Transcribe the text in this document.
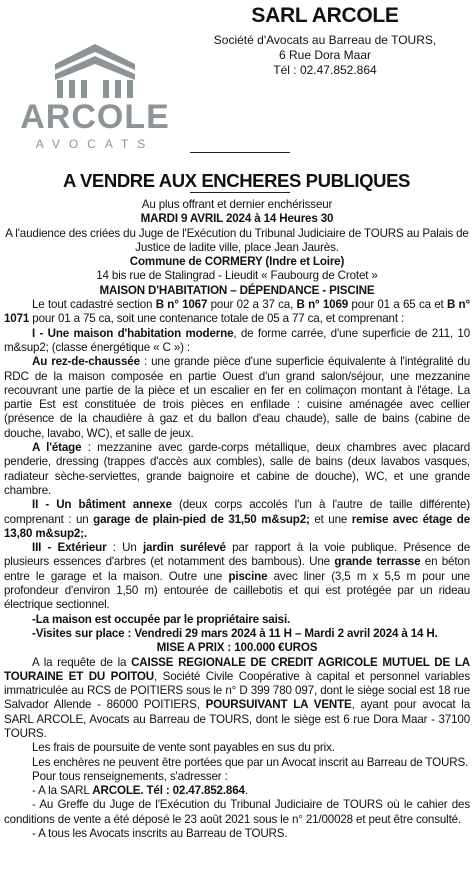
ARCOLE
AVOCATS
SARL ARCOLE
Société d'Avocats au Barreau de TOURS,
6 Rue Dora Maar
Tél : 02.47.852.864
A VENDRE AUX ENCHERES PUBLIQUES

Au plus offrant et dernier enchérisseur

MARDI 9 AVRIL 2024 à 14 Heures 30

A l'audience des criées du Juge de l'Exécution du Tribunal Judiciaire de TOURS au Palais de Justice de ladite ville, place Jean Jaurès.

Commune de CORMERY (Indre et Loire)

14 bis rue de Stalingrad - Lieudit « Faubourg de Crotet »

MAISON D'HABITATION – DÉPENDANCE - PISCINE

Le tout cadastré section B n° 1067 pour 02 a 37 ca, B n° 1069 pour 01 a 65 ca et B n° 1071 pour 01 a 75 ca, soit une contenance totale de 05 a 77 ca, et comprenant :

I - Une maison d'habitation moderne, de forme carrée, d'une superficie de 211, 10 m&sup2; (classe énergétique « C ») :

Au rez-de-chaussée : une grande pièce d'une superficie équivalente à l'intégralité du RDC de la maison composée en partie Ouest d'un grand salon/séjour, une mezzanine recouvrant une partie de la pièce et un escalier en fer en colimaçon montant à l'étage. La partie Est est constituée de trois pièces en enfilade : cuisine aménagée avec cellier (présence de la chaudière à gaz et du ballon d'eau chaude), salle de bains (cabine de douche, lavabo, WC), et salle de jeux.

A l'étage : mezzanine avec garde-corps métallique, deux chambres avec placard penderie, dressing (trappes d'accès aux combles), salle de bains (deux lavabos vasques, radiateur sèche-serviettes, grande baignoire et cabine de douche), WC, et une grande chambre.

II - Un bâtiment annexe (deux corps accolés l'un à l'autre de taille différente) comprenant : un garage de plain-pied de 31,50 m&sup2; et une remise avec étage de 13,80 m&sup2;.

III - Extérieur : Un jardin surélevé par rapport à la voie publique. Présence de plusieurs essences d'arbres (et notamment des bambous). Une grande terrasse en béton entre le garage et la maison. Outre une piscine avec liner (3,5 m x 5,5 m pour une profondeur d'environ 1,50 m) entourée de caillebotis et qui est protégée par un rideau électrique sectionnel.

-La maison est occupée par le propriétaire saisi.

-Visites sur place : Vendredi 29 mars 2024 à 11 H – Mardi 2 avril 2024 à 14 H.

MISE A PRIX : 100.000 €UROS

A la requête de la CAISSE REGIONALE DE CREDIT AGRICOLE MUTUEL DE LA TOURAINE ET DU POITOU, Société Civile Coopérative à capital et personnel variables immatriculée au RCS de POITIERS sous le n° D 399 780 097, dont le siège social est 18 rue Salvador Allende - 86000 POITIERS, POURSUIVANT LA VENTE, ayant pour avocat la SARL ARCOLE, Avocats au Barreau de TOURS, dont le siège est 6 rue Dora Maar - 37100 TOURS.

Les frais de poursuite de vente sont payables en sus du prix.

Les enchères ne peuvent être portées que par un Avocat inscrit au Barreau de TOURS.

Pour tous renseignements, s'adresser :

- A la SARL ARCOLE. Tél : 02.47.852.864.

- Au Greffe du Juge de l'Exécution du Tribunal Judiciaire de TOURS où le cahier des conditions de vente a été déposé le 23 août 2021 sous le n° 21/00028 et peut être consulté.

- A tous les Avocats inscrits au Barreau de TOURS.
